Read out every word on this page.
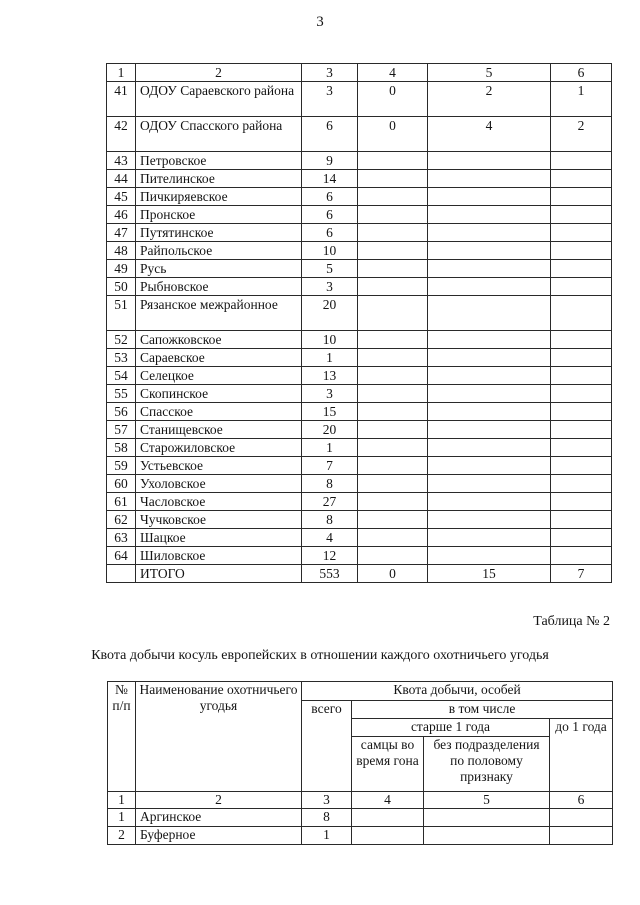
3
1	2	3	4	5	6
41	ОДОУ Сараевского района	3	0	2	1
42	ОДОУ Спасского района	6	0	4	2
43	Петровское	9			
44	Пителинское	14			
45	Пичкиряевское	6			
46	Пронское	6			
47	Путятинское	6			
48	Райпольское	10			
49	Русь	5			
50	Рыбновское	3			
51	Рязанское межрайонное	20			
52	Сапожковское	10			
53	Сараевское	1			
54	Селецкое	13			
55	Скопинское	3			
56	Спасское	15			
57	Станищевское	20			
58	Старожиловское	1			
59	Устьевское	7			
60	Ухоловское	8			
61	Часловское	27			
62	Чучковское	8			
63	Шацкое	4			
64	Шиловское	12			
	ИТОГО	553	0	15	7
Таблица № 2
Квота добычи косуль европейских в отношении каждого охотничьего угодья
№ п/п	Наименование охотничьего угодья	Квота добычи, особей			
		всего	в том числе		
			старше 1 года		до 1 года
			самцы во время гона	без подразделения по половому признаку	
1	2	3	4	5	6
1	Аргинское	8			
2	Буферное	1			
